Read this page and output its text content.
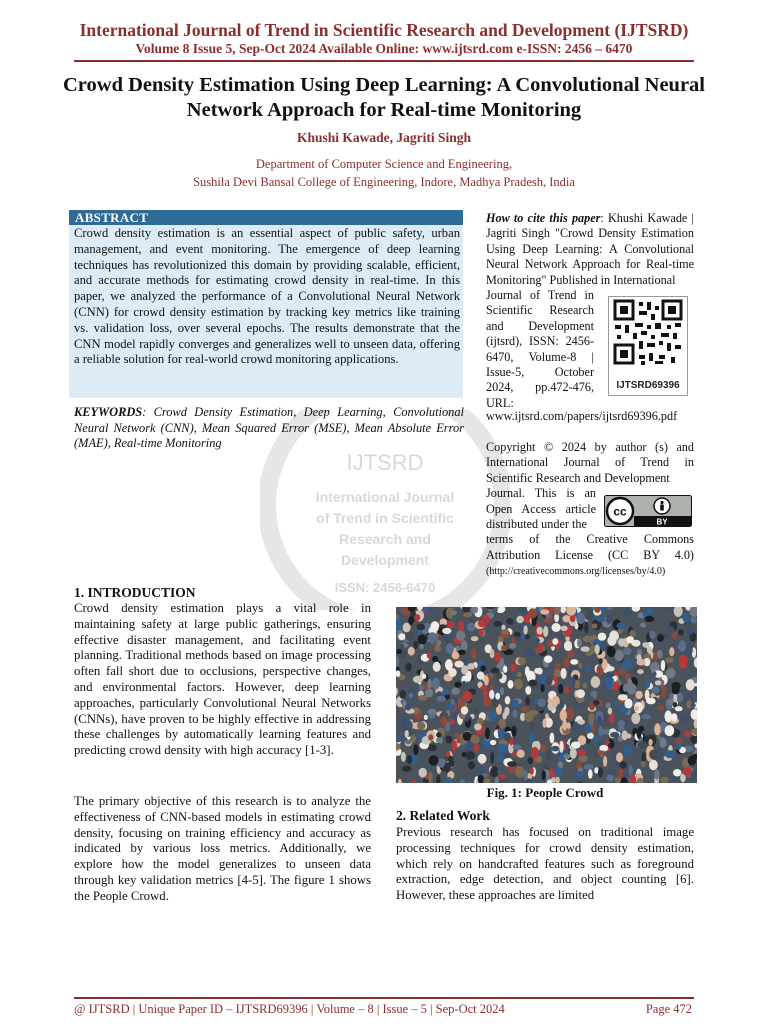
International Journal of Trend in Scientific Research and Development (IJTSRD)
Volume 8 Issue 5, Sep-Oct 2024 Available Online: www.ijtsrd.com e-ISSN: 2456 – 6470
Crowd Density Estimation Using Deep Learning: A Convolutional Neural Network Approach for Real-time Monitoring
Khushi Kawade, Jagriti Singh
Department of Computer Science and Engineering,
Sushila Devi Bansal College of Engineering, Indore, Madhya Pradesh, India
ABSTRACT
Crowd density estimation is an essential aspect of public safety, urban management, and event monitoring. The emergence of deep learning techniques has revolutionized this domain by providing scalable, efficient, and accurate methods for estimating crowd density in real-time. In this paper, we analyzed the performance of a Convolutional Neural Network (CNN) for crowd density estimation by tracking key metrics like training vs. validation loss, over several epochs. The results demonstrate that the CNN model rapidly converges and generalizes well to unseen data, offering a reliable solution for real-world crowd monitoring applications.
IJTSRD
International Journal
of Trend in Scientific
Research and
Development
ISSN: 2456-6470
KEYWORDS: Crowd Density Estimation, Deep Learning, Convolutional Neural Network (CNN), Mean Squared Error (MSE), Mean Absolute Error (MAE), Real-time Monitoring
How to cite this paper: Khushi Kawade | Jagriti Singh "Crowd Density Estimation Using Deep Learning: A Convolutional Neural Network Approach for Real-time Monitoring" Published in International
Journal of Trend in Scientific Research and Development (ijtsrd), ISSN: 2456-6470, Volume-8 | Issue-5, October 2024, pp.472-476, URL:
www.ijtsrd.com/papers/ijtsrd69396.pdf
IJTSRD69396
Copyright © 2024 by author (s) and International Journal of Trend in Scientific Research and Development
Journal. This is an Open Access article distributed under the
terms of the Creative Commons Attribution License (CC BY 4.0) (http://creativecommons.org/licenses/by/4.0)
cc
BY
1. INTRODUCTION
Crowd density estimation plays a vital role in maintaining safety at large public gatherings, ensuring effective disaster management, and facilitating event planning. Traditional methods based on image processing often fall short due to occlusions, perspective changes, and environmental factors. However, deep learning approaches, particularly Convolutional Neural Networks (CNNs), have proven to be highly effective in addressing these challenges by automatically learning features and predicting crowd density with high accuracy [1-3].
The primary objective of this research is to analyze the effectiveness of CNN-based models in estimating crowd density, focusing on training efficiency and accuracy as indicated by various loss metrics. Additionally, we explore how the model generalizes to unseen data through key validation metrics [4-5]. The figure 1 shows the People Crowd.
Fig. 1: People Crowd
2. Related Work
Previous research has focused on traditional image processing techniques for crowd density estimation, which rely on handcrafted features such as foreground extraction, edge detection, and object counting [6]. However, these approaches are limited
@ IJTSRD | Unique Paper ID – IJTSRD69396 | Volume – 8 | Issue – 5 | Sep-Oct 2024	Page 472
